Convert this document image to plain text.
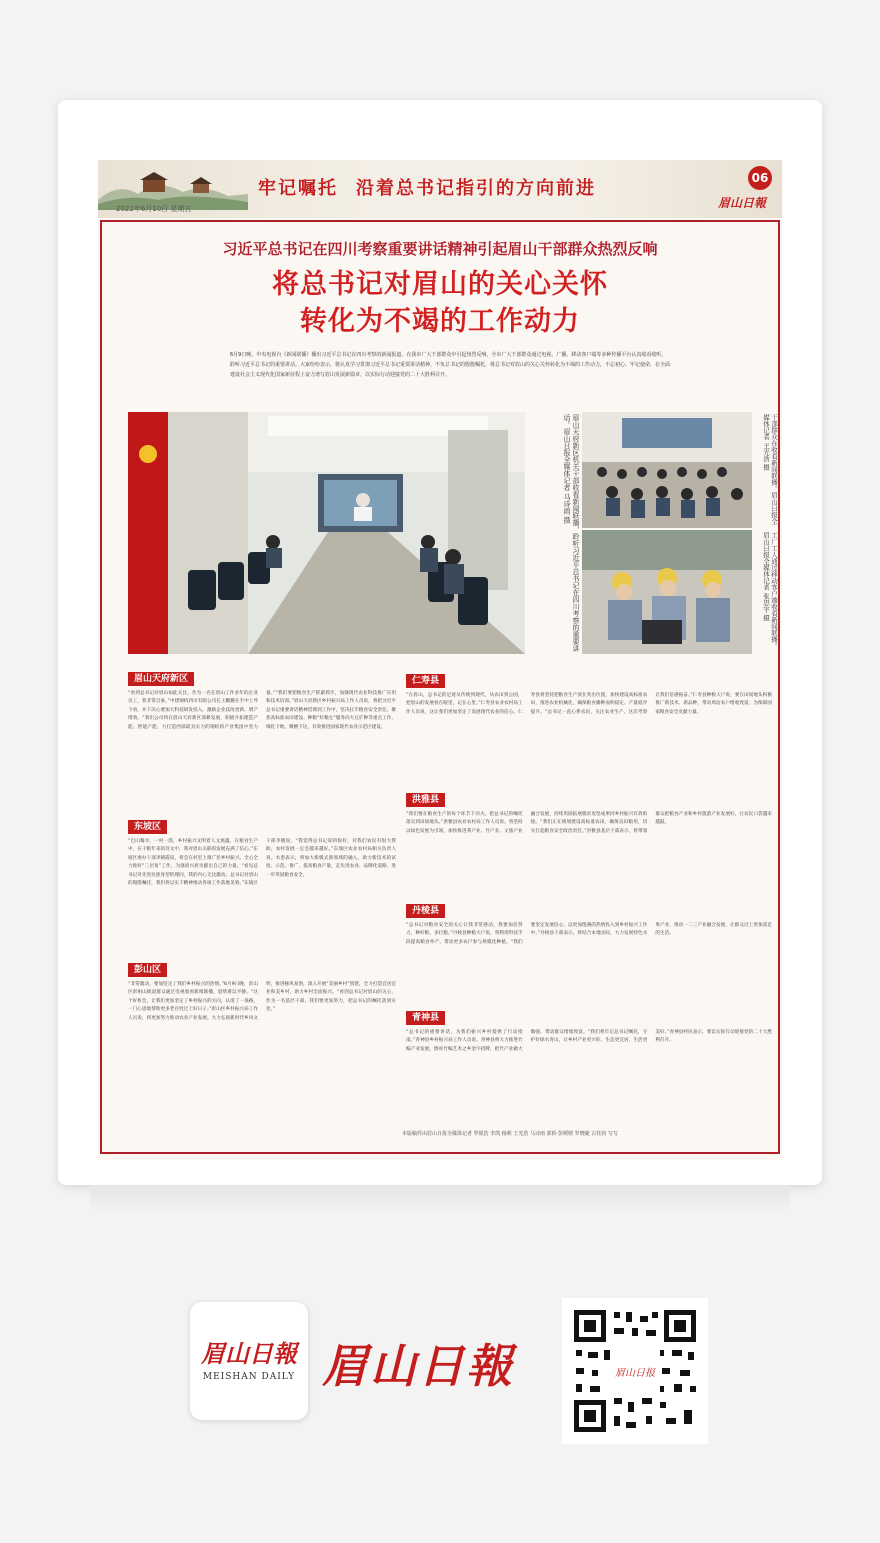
牢记嘱托 沿着总书记指引的方向前进	06
眉山日報
2022年6月10日 星期五
习近平总书记在四川考察重要讲话精神引起眉山干部群众热烈反响
将总书记对眉山的关心关怀
转化为不竭的工作动力
6月9日晚，中央电视台《新闻联播》播出习近平总书记在四川考察的新闻报道，在我市广大干部群众中引起热烈反响。全市广大干部群众通过电视、广播、移动客户端等多种传播平台认真收看收听，聆听习近平总书记的重要讲话。大家纷纷表示，将认真学习贯彻习近平总书记重要讲话精神，不负总书记的殷殷嘱托，将总书记对眉山的关心关怀转化为不竭的工作动力，不忘初心、牢记使命，在全面建设社会主义现代化国家新征程上奋力谱写眉山发展新篇章，以实际行动迎接党的二十大胜利召开。
眉山天府新区机关干部收看新闻联播，聆听习近平总书记在四川考察的重要讲话。眉山日报全媒体记者 马诗雨 摄	干部群众在收看新闻联播。眉山日报全媒体记者 王光浩 摄
工厂工人通过移动客户端收看新闻联播。眉山日报全媒体记者 张思宇 摄
眉山天府新区
东坡区
彭山区
仁寿县
洪雅县
丹棱县
青神县
“看到总书记对眉山如此关注，作为一名在眉山工作多年的企业员工，我非常自豪。”中建钢构四川有限公司长王鹏鹏在手中上导下看，并下决心要加大科技研发投入，激励企业技改更新、增产增效。“我们公司将在眉山天府新区深耕发展，积极开拓建造产能、智能产能，力打造西部最具实力的钢结构产业集团中坚力量。”“我们要把粮食生产抓紧抓牢，加强现代农业科技推广应用和技术培训。”眉山天府新区乡村振兴局工作人员说，将把习近平总书记重要讲话精神贯彻到工作中，坚决扛牢粮食安全责任，聚焦高标准农田建设、种粮“好粮仓”服务向大豆扩种等重点工作，细化下地、聚精下达，有效推进国家现代农业示范区建设。
“巴山蜀水，一村一韵，乡村振兴文明着人文底蕴，在粮食生产中，在干粮年来的诗文中，我对眉山关联的发展充满了信心。”东坡区委办干部李朝霞说，将会在村里上推广民乡村振兴。全心全力推好“三层角”工作，为强眉兴眉贡献出自己的力量。“看见总书记对先进民族身型的理问，我的内心无比激动。总书记对眉山的殷殷嘱托，我们将以实干精神推动各项工作落地见效。”东坡区干部李晓说，“我觉得总书记说的很好，对我们农民有很大帮助，农村发展一定会越来越好。”东坡区农业农村局相关负责人说。水患表示，将加大新模式新领域的融入，助力新技术的试验、示范、推广，提高粮食产量，走先进农业、品牌化道路，进一步巩固粮食安全。
“非常激动，要加坚定了我们乡村振兴的热情。”6月9日晚，彭山区彭祖山街道群众通过电视收看新闻联播，思绪难以平静。“这个好机会，让我们更加坚定了乡村振兴的方向，认准了一条路，一门心思地帮助更多老百姓过上好日子。”彭山区乡村振兴局工作人员说，将更加努力推动农业产业发展。大力弘扬新时代乡风文明，推进移风易俗，深入开展“美丽乡村”创建，全力打造宜居宜业和美乡村，助力乡村全面振兴。“看到总书记对眉山的关心，作为一名基层干部，我们要更加努力，把总书记的嘱托落到实处。”
“在眉山，总书记的足迹从传统到现代，从农田到公园，把眉山的发展看在眼里，记在心里。”仁寿县农业农村局工作人员说，这让我们更加坚定了发展现代农业的信心。仁寿县将坚持把粮食生产放在突出位置，加快建设高标准农田，推进农业机械化，确保粮食播种面积稳定、产量稳步提升。“总书记一直心系农民，关注农业生产，这次考察让我们倍感振奋。”仁寿县种粮大户说，要在田间地头积极推广新技术、新品种，带动周边农户增收致富，为保障国家粮食安全贡献力量。
“我们要在粮食生产的每个环节下功夫，把总书记的嘱托落实到田间地头。”洪雅县农业农村局工作人员说。将坚持以绿色发展为引领，加快推进茶产业、竹产业、文旅产业融合发展，持续巩固拓展脱贫攻坚成果同乡村振兴有效衔接。“我们正在规划建设高标准农田，确保良田粮用，切实扛起粮食安全政治责任。”洪雅县基层干部表示，将带领群众把粮食产业和乡村旅游产业发展好，让农民口袋越来越鼓。
“总书记对粮食安全的关心让我非常感动，我要加倍努力，种好粮、多打粮。”丹棱县种粮大户说，将利用科技手段提高粮食单产，带动更多农户参与规模化种植。“我们要坚定发展信心，以更加饱满的热情投入到乡村振兴工作中。”丹棱县干部表示，将结合本地实际，大力发展特色水果产业，推动一二三产业融合发展，让群众过上更加富足的生活。
“总书记的重要讲话，为我们振兴乡村提供了行动指南。”青神县乡村振兴局工作人员说。青神县将大力推进竹编产业发展，擦亮竹编艺术之乡金字招牌，把竹产业做大做强，带动群众增收致富。“我们将牢记总书记嘱托，守护好绿水青山，让乡村产业更兴旺、生态更宜居、生活更美好。”青神县村民表示，要以实际行动迎接党的二十大胜利召开。
本版稿件由眉山日报全媒体记者 罗银浩 李凯 杨莉 王光浩 马诗雨 郭侨 彭媛媛 罗晓婕 古钰钧 写写
眉山日報
MEISHAN DAILY 眉山日報	眉山日报
